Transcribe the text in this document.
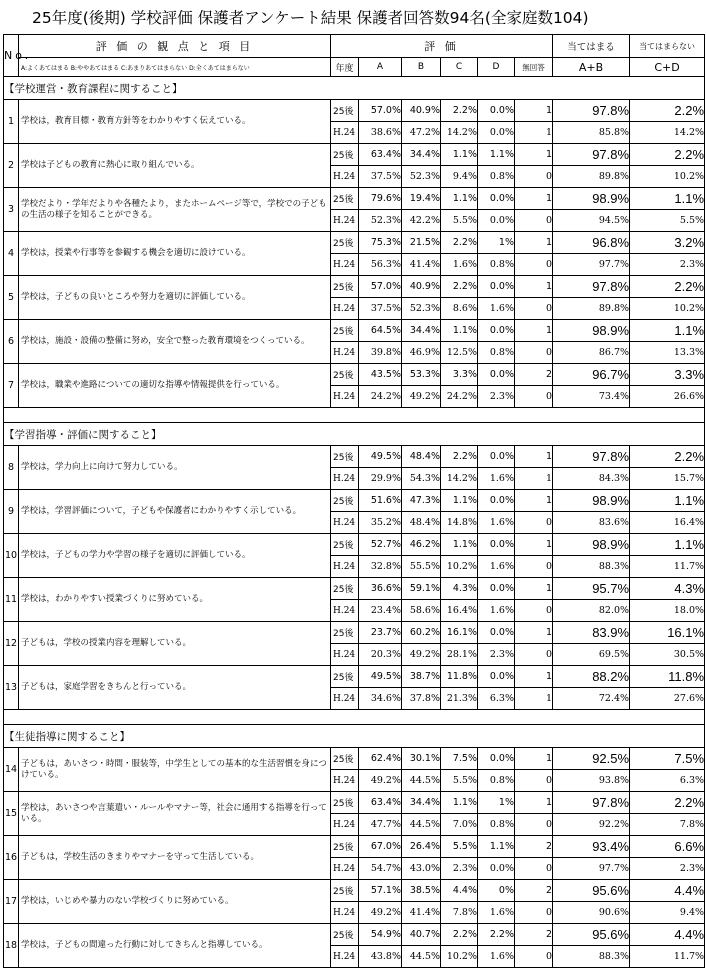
25年度(後期) 学校評価 保護者アンケート結果 保護者回答数94名(全家庭数104)
No.	評 価 の 観 点 と 項 目	評 価						当てはまる	当てはまらない
	A:よくあてはまる B:ややあてはまる C:あまりあてはまらない D:全くあてはまらない	年度	A	B	C	D	無回答	A+B	C+D
【学校運営・教育課程に関すること】									
1	学校は，教育目標・教育方針等をわかりやすく伝えている。	25後	57.0%	40.9%	2.2%	0.0%	1	97.8%	2.2%
		H.24	38.6%	47.2%	14.2%	0.0%	1	85.8%	14.2%
2	学校は子どもの教育に熱心に取り組んでいる。	25後	63.4%	34.4%	1.1%	1.1%	1	97.8%	2.2%
		H.24	37.5%	52.3%	9.4%	0.8%	0	89.8%	10.2%
3	学校だより・学年だよりや各種たより，またホームページ等で，学校での子どもの生活の様子を知ることができる。	25後	79.6%	19.4%	1.1%	0.0%	1	98.9%	1.1%
		H.24	52.3%	42.2%	5.5%	0.0%	0	94.5%	5.5%
4	学校は，授業や行事等を参観する機会を適切に設けている。	25後	75.3%	21.5%	2.2%	1%	1	96.8%	3.2%
		H.24	56.3%	41.4%	1.6%	0.8%	0	97.7%	2.3%
5	学校は，子どもの良いところや努力を適切に評価している。	25後	57.0%	40.9%	2.2%	0.0%	1	97.8%	2.2%
		H.24	37.5%	52.3%	8.6%	1.6%	0	89.8%	10.2%
6	学校は，施設・設備の整備に努め，安全で整った教育環境をつくっている。	25後	64.5%	34.4%	1.1%	0.0%	1	98.9%	1.1%
		H.24	39.8%	46.9%	12.5%	0.8%	0	86.7%	13.3%
7	学校は，職業や進路についての適切な指導や情報提供を行っている。	25後	43.5%	53.3%	3.3%	0.0%	2	96.7%	3.3%
		H.24	24.2%	49.2%	24.2%	2.3%	0	73.4%	26.6%

【学習指導・評価に関すること】									
8	学校は，学力向上に向けて努力している。	25後	49.5%	48.4%	2.2%	0.0%	1	97.8%	2.2%
		H.24	29.9%	54.3%	14.2%	1.6%	1	84.3%	15.7%
9	学校は，学習評価について，子どもや保護者にわかりやすく示している。	25後	51.6%	47.3%	1.1%	0.0%	1	98.9%	1.1%
		H.24	35.2%	48.4%	14.8%	1.6%	0	83.6%	16.4%
10	学校は，子どもの学力や学習の様子を適切に評価している。	25後	52.7%	46.2%	1.1%	0.0%	1	98.9%	1.1%
		H.24	32.8%	55.5%	10.2%	1.6%	0	88.3%	11.7%
11	学校は，わかりやすい授業づくりに努めている。	25後	36.6%	59.1%	4.3%	0.0%	1	95.7%	4.3%
		H.24	23.4%	58.6%	16.4%	1.6%	0	82.0%	18.0%
12	子どもは，学校の授業内容を理解している。	25後	23.7%	60.2%	16.1%	0.0%	1	83.9%	16.1%
		H.24	20.3%	49.2%	28.1%	2.3%	0	69.5%	30.5%
13	子どもは，家庭学習をきちんと行っている。	25後	49.5%	38.7%	11.8%	0.0%	1	88.2%	11.8%
		H.24	34.6%	37.8%	21.3%	6.3%	1	72.4%	27.6%

【生徒指導に関すること】									
14	子どもは，あいさつ・時間・服装等，中学生としての基本的な生活習慣を身につけている。	25後	62.4%	30.1%	7.5%	0.0%	1	92.5%	7.5%
		H.24	49.2%	44.5%	5.5%	0.8%	0	93.8%	6.3%
15	学校は，あいさつや言葉遣い・ルールやマナー等，社会に通用する指導を行っている。	25後	63.4%	34.4%	1.1%	1%	1	97.8%	2.2%
		H.24	47.7%	44.5%	7.0%	0.8%	0	92.2%	7.8%
16	子どもは，学校生活のきまりやマナーを守って生活している。	25後	67.0%	26.4%	5.5%	1.1%	2	93.4%	6.6%
		H.24	54.7%	43.0%	2.3%	0.0%	0	97.7%	2.3%
17	学校は，いじめや暴力のない学校づくりに努めている。	25後	57.1%	38.5%	4.4%	0%	2	95.6%	4.4%
		H.24	49.2%	41.4%	7.8%	1.6%	0	90.6%	9.4%
18	学校は，子どもの間違った行動に対してきちんと指導している。	25後	54.9%	40.7%	2.2%	2.2%	2	95.6%	4.4%
		H.24	43.8%	44.5%	10.2%	1.6%	0	88.3%	11.7%
